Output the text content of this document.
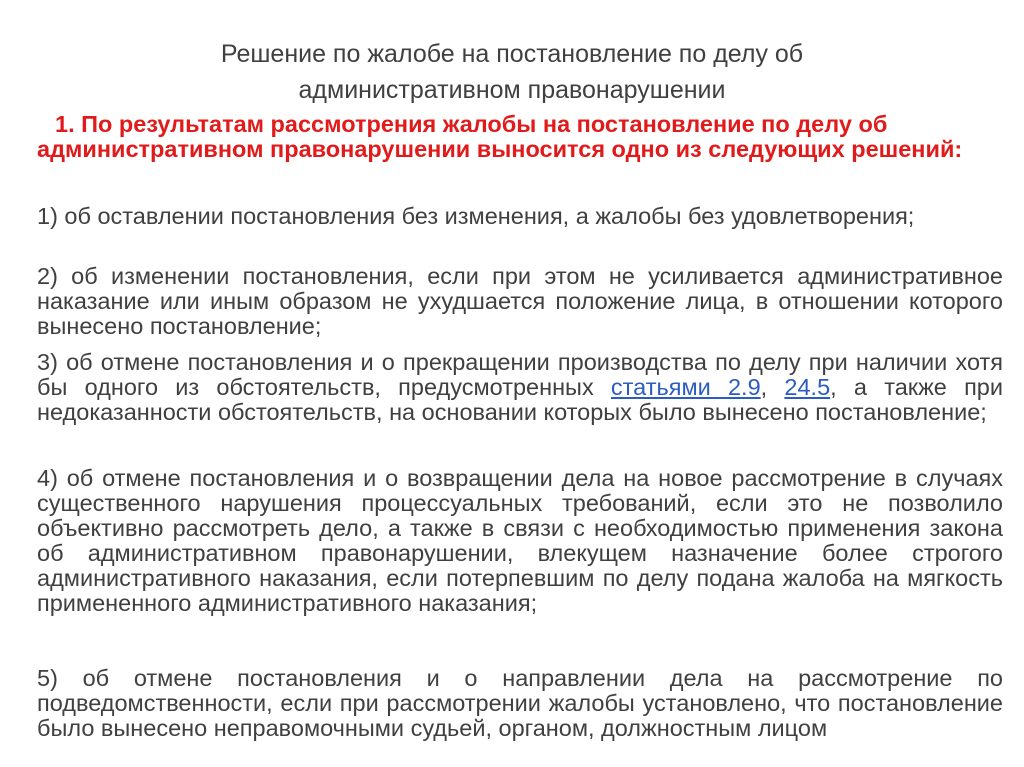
Решение по жалобе на постановление по делу об
административном правонарушении
1. По результатам рассмотрения жалобы на постановление по делу об административном правонарушении выносится одно из следующих решений:
1) об оставлении постановления без изменения, а жалобы без удовлетворения;
2) об изменении постановления, если при этом не усиливается административное наказание или иным образом не ухудшается положение лица, в отношении которого вынесено постановление;
3) об отмене постановления и о прекращении производства по делу при наличии хотя бы одного из обстоятельств, предусмотренных статьями 2.9, 24.5, а также при недоказанности обстоятельств, на основании которых было вынесено постановление;
4) об отмене постановления и о возвращении дела на новое рассмотрение в случаях существенного нарушения процессуальных требований, если это не позволило объективно рассмотреть дело, а также в связи с необходимостью применения закона об административном правонарушении, влекущем назначение более строгого административного наказания, если потерпевшим по делу подана жалоба на мягкость примененного административного наказания;
5) об отмене постановления и о направлении дела на рассмотрение по подведомственности, если при рассмотрении жалобы установлено, что постановление было вынесено неправомочными судьей, органом, должностным лицом
